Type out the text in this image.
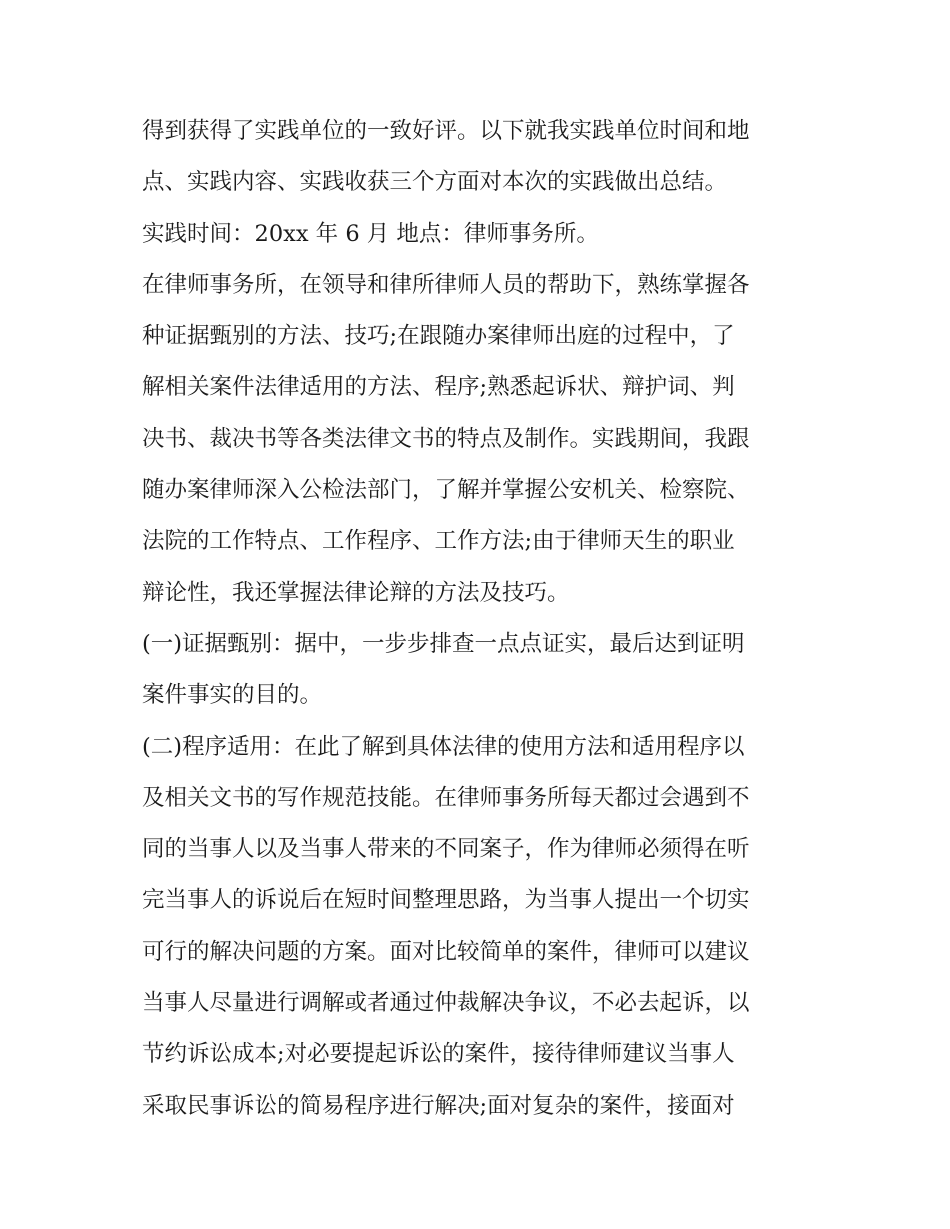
得到获得了实践单位的一致好评。以下就我实践单位时间和地
点、实践内容、实践收获三个方面对本次的实践做出总结。
实践时间：20xx 年 6 月 地点：律师事务所。
在律师事务所，在领导和律所律师人员的帮助下，熟练掌握各
种证据甄别的方法、技巧;在跟随办案律师出庭的过程中，了
解相关案件法律适用的方法、程序;熟悉起诉状、辩护词、判
决书、裁决书等各类法律文书的特点及制作。实践期间，我跟
随办案律师深入公检法部门，了解并掌握公安机关、检察院、
法院的工作特点、工作程序、工作方法;由于律师天生的职业
辩论性，我还掌握法律论辩的方法及技巧。
(一)证据甄别：据中，一步步排查一点点证实，最后达到证明
案件事实的目的。
(二)程序适用：在此了解到具体法律的使用方法和适用程序以
及相关文书的写作规范技能。在律师事务所每天都过会遇到不
同的当事人以及当事人带来的不同案子，作为律师必须得在听
完当事人的诉说后在短时间整理思路，为当事人提出一个切实
可行的解决问题的方案。面对比较简单的案件，律师可以建议
当事人尽量进行调解或者通过仲裁解决争议，不必去起诉，以
节约诉讼成本;对必要提起诉讼的案件，接待律师建议当事人
采取民事诉讼的简易程序进行解决;面对复杂的案件，接面对
